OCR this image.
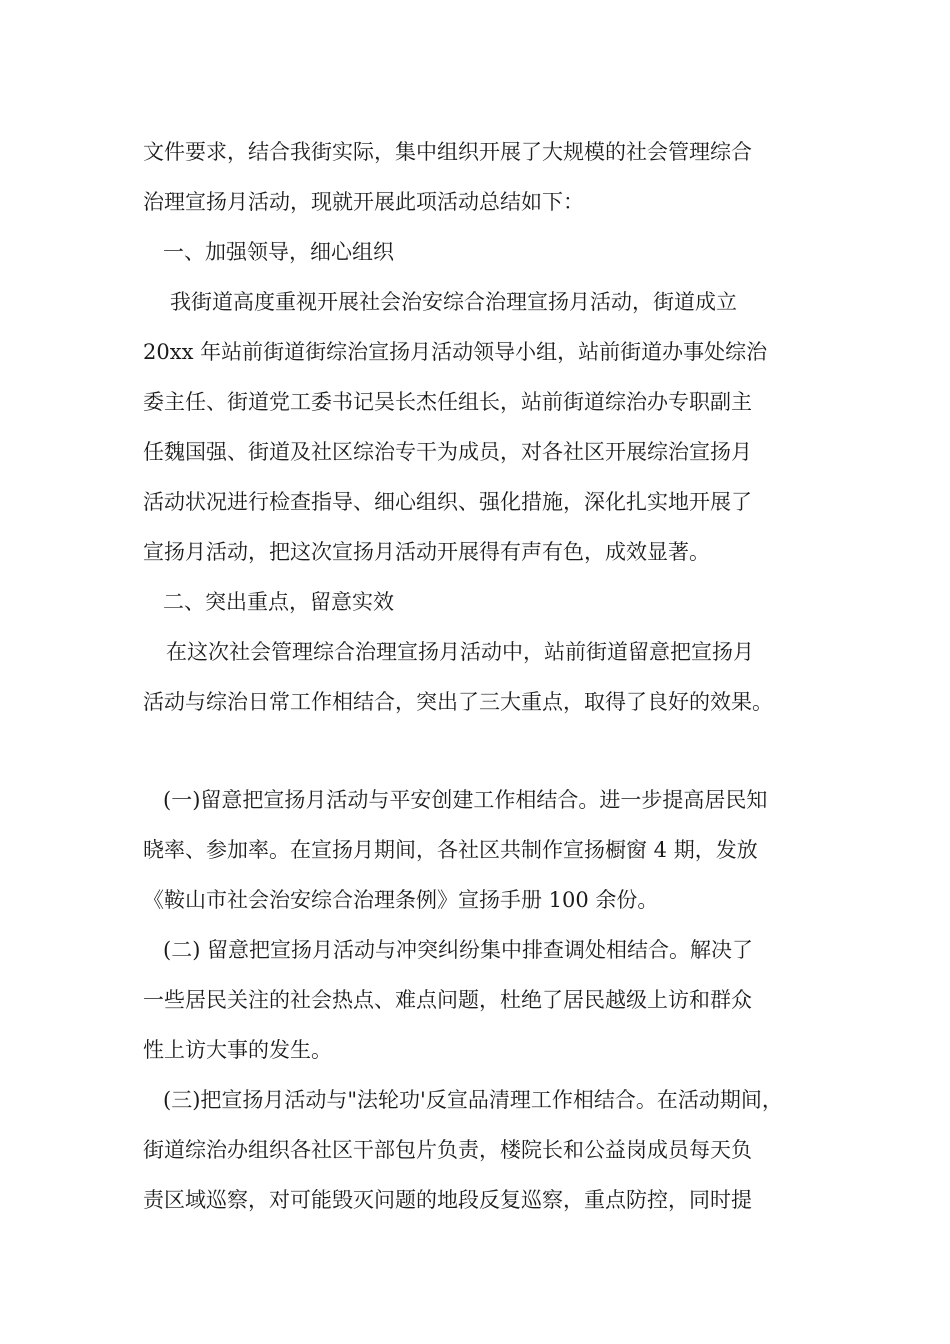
文件要求，结合我街实际，集中组织开展了大规模的社会管理综合
治理宣扬月活动，现就开展此项活动总结如下：
一、加强领导，细心组织
我街道高度重视开展社会治安综合治理宣扬月活动，街道成立
20xx 年站前街道街综治宣扬月活动领导小组，站前街道办事处综治
委主任、街道党工委书记吴长杰任组长，站前街道综治办专职副主
任魏国强、街道及社区综治专干为成员，对各社区开展综治宣扬月
活动状况进行检查指导、细心组织、强化措施，深化扎实地开展了
宣扬月活动，把这次宣扬月活动开展得有声有色，成效显著。
二、突出重点，留意实效
在这次社会管理综合治理宣扬月活动中，站前街道留意把宣扬月
活动与综治日常工作相结合，突出了三大重点，取得了良好的效果。
(一)留意把宣扬月活动与平安创建工作相结合。进一步提高居民知
晓率、参加率。在宣扬月期间，各社区共制作宣扬橱窗 4 期，发放
《鞍山市社会治安综合治理条例》宣扬手册 100 余份。
(二) 留意把宣扬月活动与冲突纠纷集中排查调处相结合。解决了
一些居民关注的社会热点、难点问题，杜绝了居民越级上访和群众
性上访大事的发生。
(三)把宣扬月活动与"法轮功'反宣品清理工作相结合。在活动期间，
街道综治办组织各社区干部包片负责，楼院长和公益岗成员每天负
责区域巡察，对可能毁灭问题的地段反复巡察，重点防控，同时提
